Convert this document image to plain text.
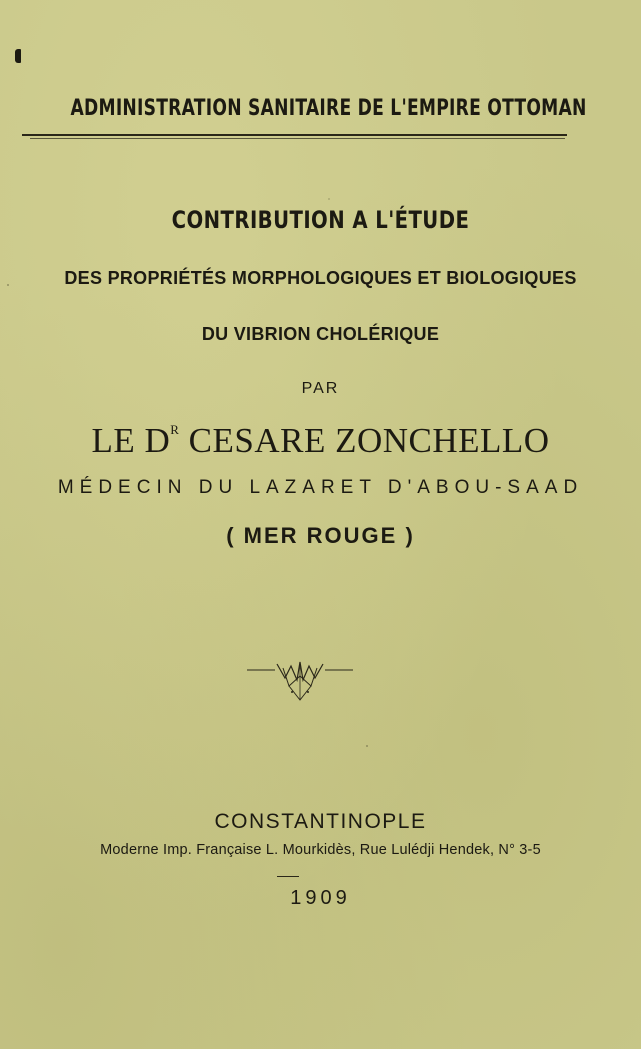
ADMINISTRATION SANITAIRE DE L'EMPIRE OTTOMAN
CONTRIBUTION A L'ÉTUDE
DES PROPRIÉTÉS MORPHOLOGIQUES ET BIOLOGIQUES
DU VIBRION CHOLÉRIQUE
PAR
LE $D^R$ CESARE ZONCHELLO
MÉDECIN DU LAZARET D'ABOU-SAAD
( MER ROUGE )
CONSTANTINOPLE
Moderne Imp. Française L. Mourkidès, Rue Lulédji Hendek, N° 3-5
1909
